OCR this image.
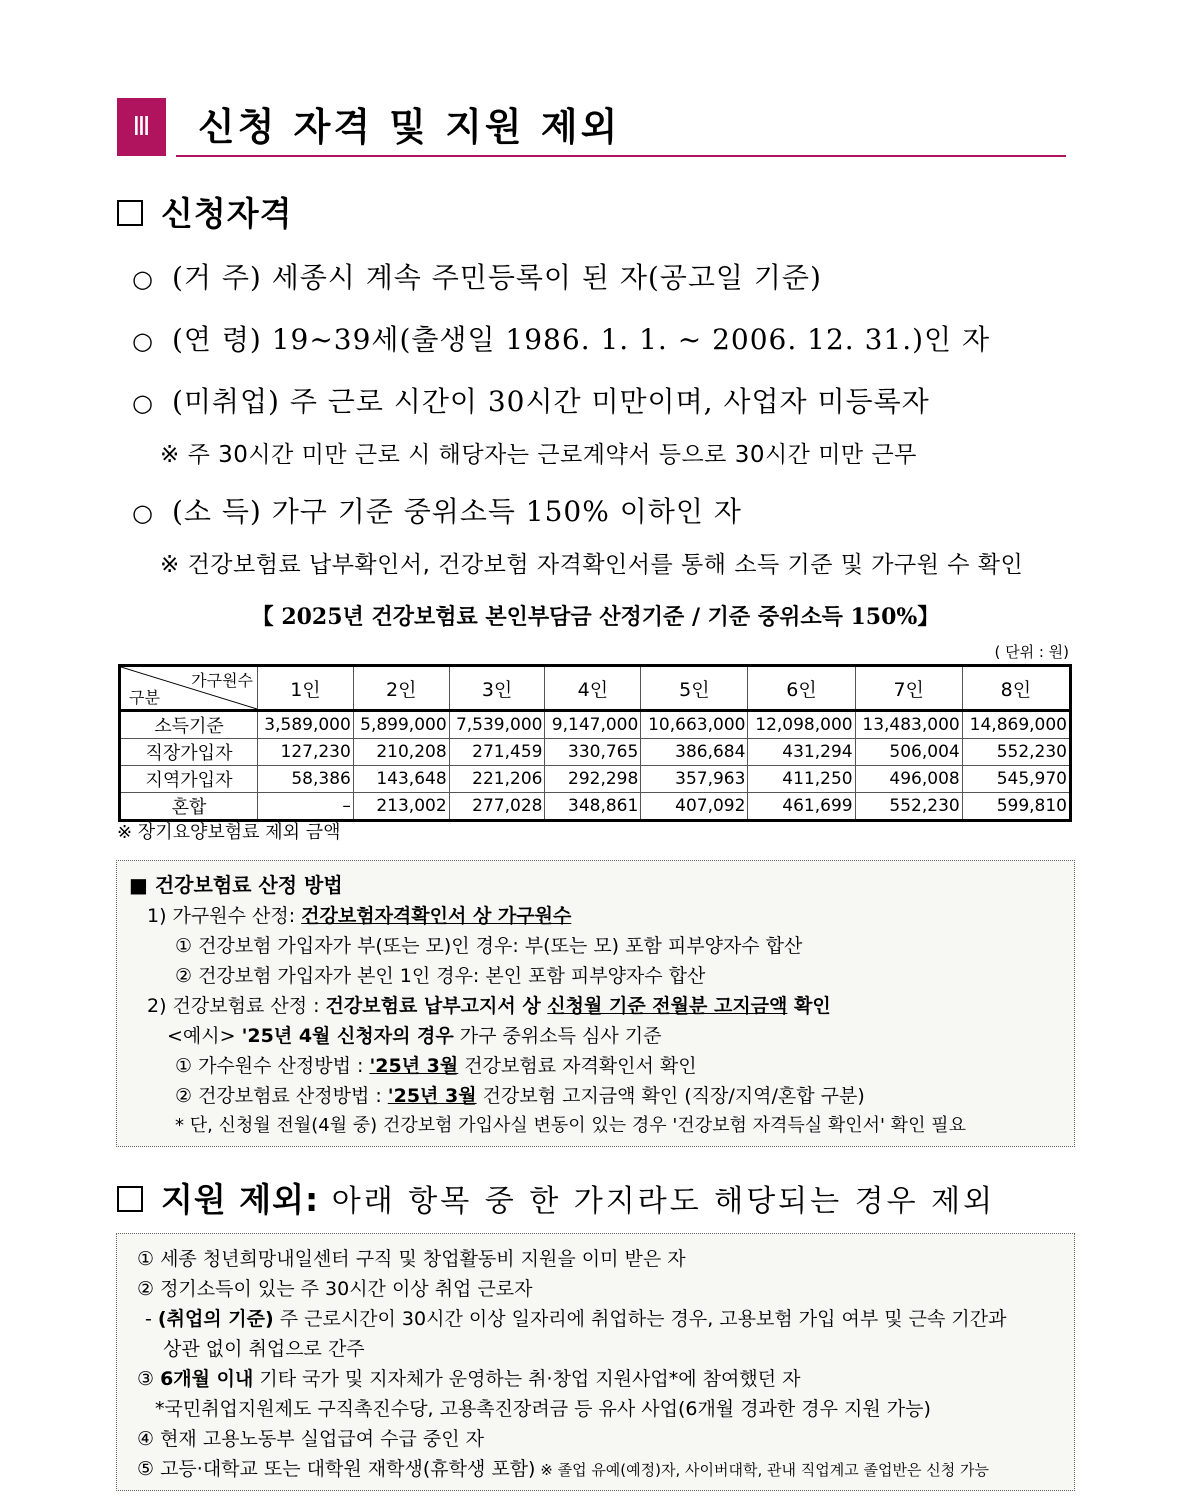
Ⅲ	신청 자격 및 지원 제외
신청자격
○ (거 주) 세종시 계속 주민등록이 된 자(공고일 기준)
○ (연 령) 19~39세(출생일 1986. 1. 1. ~ 2006. 12. 31.)인 자
○ (미취업) 주 근로 시간이 30시간 미만이며, 사업자 미등록자
※ 주 30시간 미만 근로 시 해당자는 근로계약서 등으로 30시간 미만 근무
○ (소 득) 가구 기준 중위소득 150% 이하인 자
※ 건강보험료 납부확인서, 건강보험 자격확인서를 통해 소득 기준 및 가구원 수 확인
【 2025년 건강보험료 본인부담금 산정기준 / 기준 중위소득 150%】
( 단위 : 원)
가구원수
구분	1인	2인	3인	4인	5인	6인	7인	8인
소득기준	3,589,000	5,899,000	7,539,000	9,147,000	10,663,000	12,098,000	13,483,000	14,869,000
직장가입자	127,230	210,208	271,459	330,765	386,684	431,294	506,004	552,230
지역가입자	58,386	143,648	221,206	292,298	357,963	411,250	496,008	545,970
혼합	–	213,002	277,028	348,861	407,092	461,699	552,230	599,810
※ 장기요양보험료 제외 금액
■ 건강보험료 산정 방법
1) 가구원수 산정: 건강보험자격확인서 상 가구원수
① 건강보험 가입자가 부(또는 모)인 경우: 부(또는 모) 포함 피부양자수 합산
② 건강보험 가입자가 본인 1인 경우: 본인 포함 피부양자수 합산
2) 건강보험료 산정 : 건강보험료 납부고지서 상 신청월 기준 전월분 고지금액 확인
<예시> '25년 4월 신청자의 경우 가구 중위소득 심사 기준
① 가수원수 산정방법 : '25년 3월 건강보험료 자격확인서 확인
② 건강보험료 산정방법 : '25년 3월 건강보험 고지금액 확인 (직장/지역/혼합 구분)
* 단, 신청월 전월(4월 중) 건강보험 가입사실 변동이 있는 경우 '건강보험 자격득실 확인서' 확인 필요
지원 제외: 아래 항목 중 한 가지라도 해당되는 경우 제외
① 세종 청년희망내일센터 구직 및 창업활동비 지원을 이미 받은 자
② 정기소득이 있는 주 30시간 이상 취업 근로자
- (취업의 기준) 주 근로시간이 30시간 이상 일자리에 취업하는 경우, 고용보험 가입 여부 및 근속 기간과
상관 없이 취업으로 간주
③ 6개월 이내 기타 국가 및 지자체가 운영하는 취·창업 지원사업*에 참여했던 자
*국민취업지원제도 구직촉진수당, 고용촉진장려금 등 유사 사업(6개월 경과한 경우 지원 가능)
④ 현재 고용노동부 실업급여 수급 중인 자
⑤ 고등·대학교 또는 대학원 재학생(휴학생 포함) ※ 졸업 유예(예정)자, 사이버대학, 관내 직업계고 졸업반은 신청 가능
